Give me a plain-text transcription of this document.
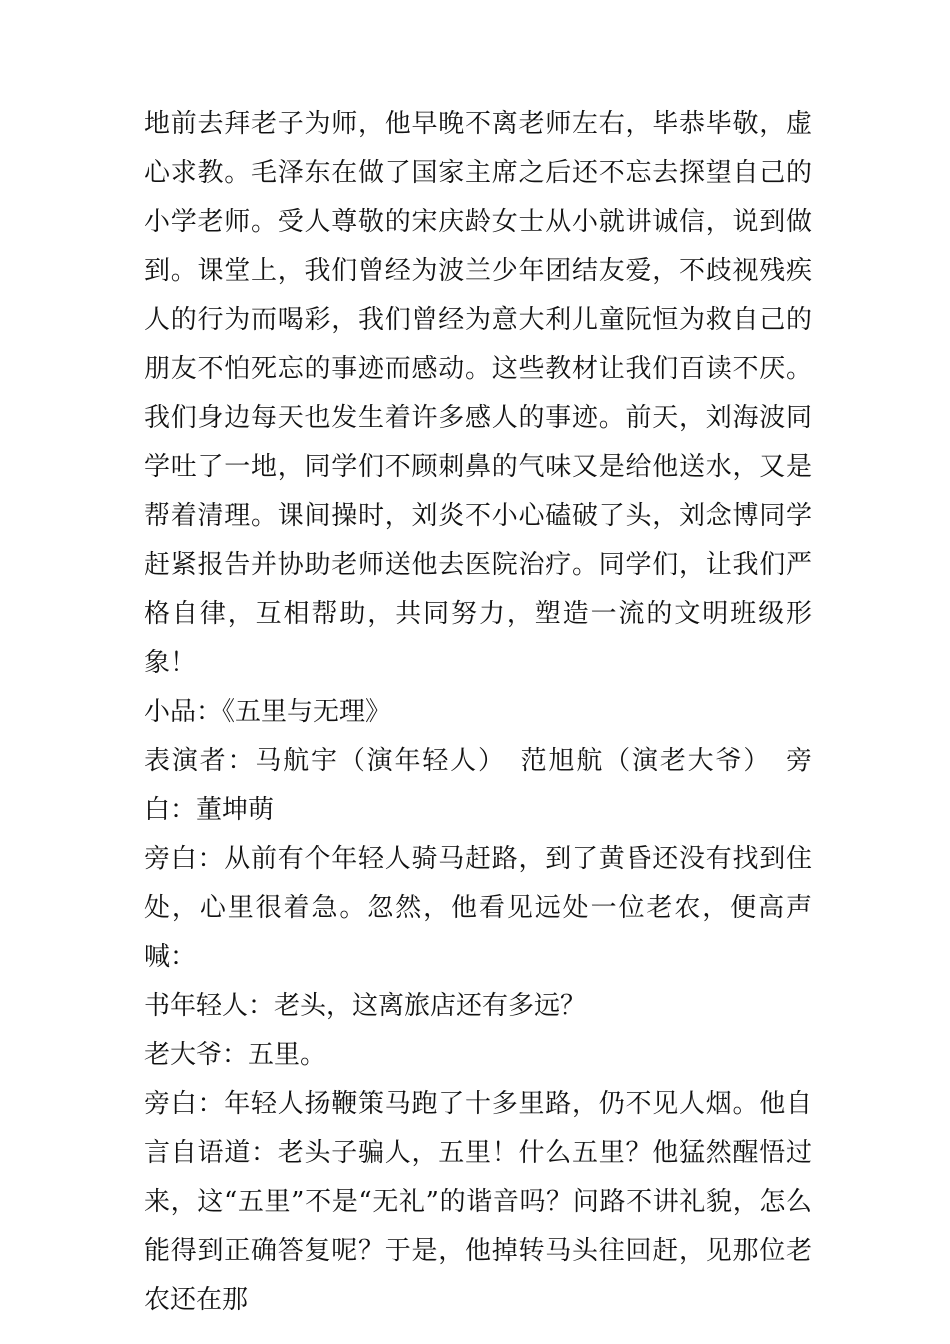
地前去拜老子为师，他早晚不离老师左右，毕恭毕敬，虚心求教。毛泽东在做了国家主席之后还不忘去探望自己的小学老师。受人尊敬的宋庆龄女士从小就讲诚信，说到做到。课堂上，我们曾经为波兰少年团结友爱，不歧视残疾人的行为而喝彩，我们曾经为意大利儿童阮恒为救自己的朋友不怕死忘的事迹而感动。这些教材让我们百读不厌。我们身边每天也发生着许多感人的事迹。前天，刘海波同学吐了一地，同学们不顾刺鼻的气味又是给他送水，又是帮着清理。课间操时，刘炎不小心磕破了头，刘念博同学赶紧报告并协助老师送他去医院治疗。同学们，让我们严格自律，互相帮助，共同努力，塑造一流的文明班级形象！

小品：《五里与无理》

表演者：马航宇（演年轻人）　范旭航（演老大爷）　旁白：董坤萌

旁白：从前有个年轻人骑马赶路，到了黄昏还没有找到住处，心里很着急。忽然，他看见远处一位老农，便高声喊：

书年轻人：老头，这离旅店还有多远？

老大爷：五里。

旁白：年轻人扬鞭策马跑了十多里路，仍不见人烟。他自言自语道：老头子骗人，五里！什么五里？他猛然醒悟过来，这“五里”不是“无礼”的谐音吗？问路不讲礼貌，怎么能得到正确答复呢？于是，他掉转马头往回赶，见那位老农还在那
